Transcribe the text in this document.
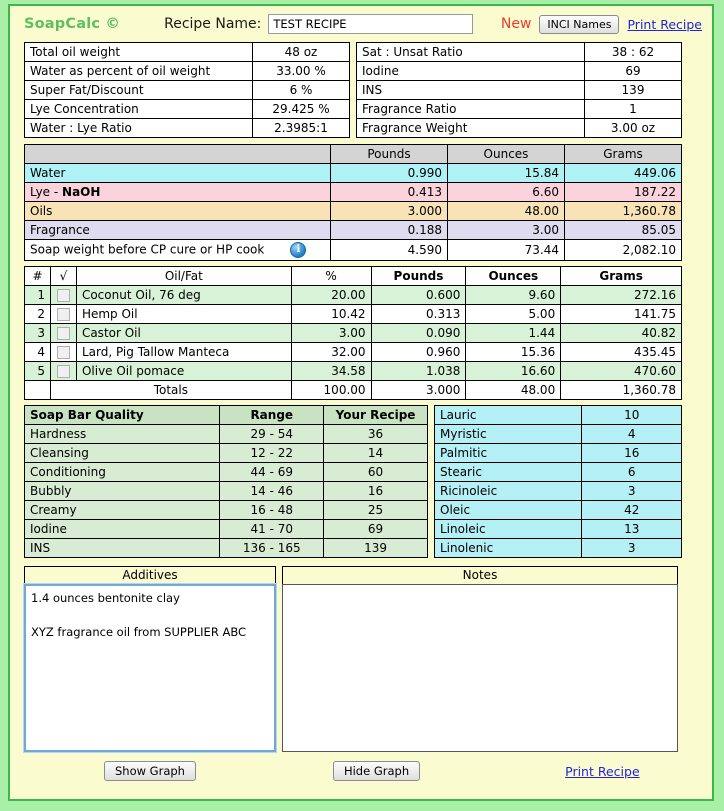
SoapCalc ©	Recipe Name:
TEST RECIPE	New	INCI Names	Print Recipe
Total oil weight	48 oz
Water as percent of oil weight	33.00 %
Super Fat/Discount	6 %
Lye Concentration	29.425 %
Water : Lye Ratio	2.3985:1
Sat : Unsat Ratio	38 : 62
Iodine	69
INS	139
Fragrance Ratio	1
Fragrance Weight	3.00 oz
	Pounds	Ounces	Grams
Water	0.990	15.84	449.06
Lye - NaOH	0.413	6.60	187.22
Oils	3.000	48.00	1,360.78
Fragrance	0.188	3.00	85.05
Soap weight before CP cure or HP cook i	4.590	73.44	2,082.10
#	√	Oil/Fat	%	Pounds	Ounces	Grams
1		Coconut Oil, 76 deg	20.00	0.600	9.60	272.16
2		Hemp Oil	10.42	0.313	5.00	141.75
3		Castor Oil	3.00	0.090	1.44	40.82
4		Lard, Pig Tallow Manteca	32.00	0.960	15.36	435.45
5		Olive Oil pomace	34.58	1.038	16.60	470.60
	Totals		100.00	3.000	48.00	1,360.78
Soap Bar Quality	Range	Your Recipe
Hardness	29 - 54	36
Cleansing	12 - 22	14
Conditioning	44 - 69	60
Bubbly	14 - 46	16
Creamy	16 - 48	25
Iodine	41 - 70	69
INS	136 - 165	139
Lauric	10
Myristic	4
Palmitic	16
Stearic	6
Ricinoleic	3
Oleic	42
Linoleic	13
Linolenic	3
Additives
1.4 ounces bentonite clay XYZ fragrance oil from SUPPLIER ABC	Notes
Show Graph	Hide Graph	Print Recipe
